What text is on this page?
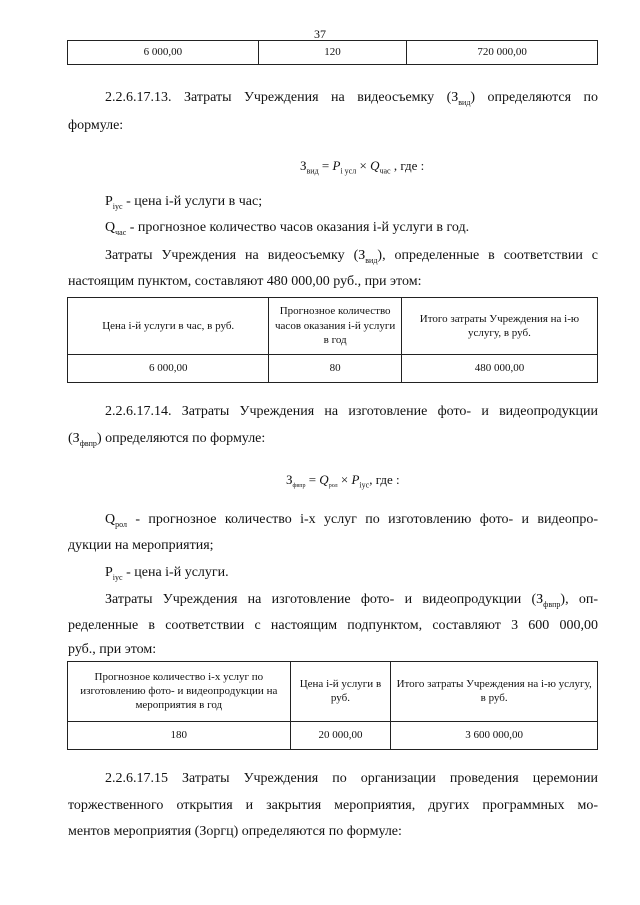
37
6 000,00	120	720 000,00

2.2.6.17.13. Затраты Учреждения на видеосъемку $(З_{вид})$ определяются по

формуле:

$З_{вид} = P_{i усл} \times Q_{час}$ , где :

$P_{iус}$ - цена i-й услуги в час;

$Q_{час}$ - прогнозное количество часов оказания i-й услуги в год.

Затраты Учреждения на видеосъемку $(З_{вид})$, определенные в соответствии с

настоящим пунктом, составляют 480 000,00 руб., при этом:

Цена i-й услуги в час, в руб.	Прогнозное количество часов оказания i-й услуги в год	Итого затраты Учреждения на i-ю услугу, в руб.
6 000,00	80	480 000,00

2.2.6.17.14. Затраты Учреждения на изготовление фото- и видеопродукции

$(З_{фвпр})$ определяются по формуле:

$З_{фвпр} = Q_{рол} \times P_{iус}$, где :

$Q_{рол}$ - прогнозное количество i-х услуг по изготовлению фото- и видеопро-

дукции на мероприятия;

$P_{iус}$ - цена i-й услуги.

Затраты Учреждения на изготовление фото- и видеопродукции $(З_{фвпр})$, оп-

ределенные в соответствии с настоящим подпунктом, составляют 3 600 000,00

руб., при этом:

Прогнозное количество i-х услуг по изготовлению фото- и видеопродукции на мероприятия в год	Цена i-й услуги в руб.	Итого затраты Учреждения на i-ю услугу, в руб.
180	20 000,00	3 600 000,00

2.2.6.17.15 Затраты Учреждения по организации проведения церемонии

торжественного открытия и закрытия мероприятия, других программных мо-

ментов мероприятия (Зоргц) определяются по формуле:
